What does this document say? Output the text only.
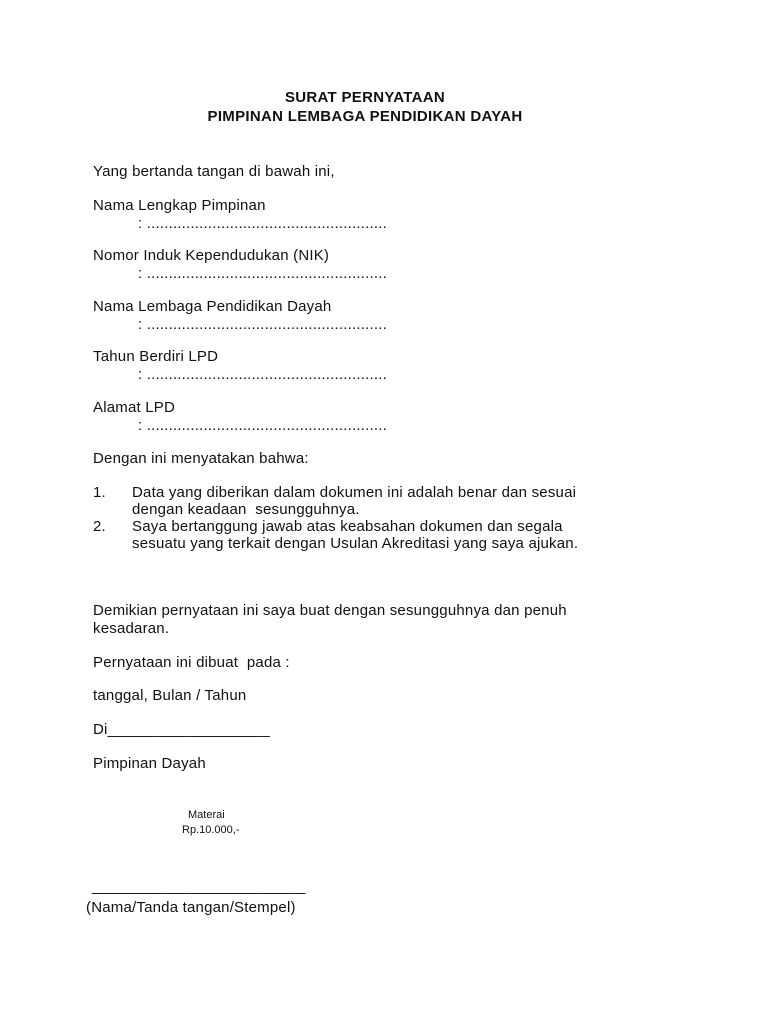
SURAT PERNYATAAN

PIMPINAN LEMBAGA PENDIDIKAN DAYAH

Yang bertanda tangan di bawah ini,

Nama Lengkap Pimpinan

: .......................................................

Nomor Induk Kependudukan (NIK)

: .......................................................

Nama Lembaga Pendidikan Dayah

: .......................................................

Tahun Berdiri LPD

: .......................................................

Alamat LPD

: .......................................................

Dengan ini menyatakan bahwa:

1. Data yang diberikan dalam dokumen ini adalah benar dan sesuai

dengan keadaan  sesungguhnya.

2. Saya bertanggung jawab atas keabsahan dokumen dan segala

sesuatu yang terkait dengan Usulan Akreditasi yang saya ajukan.

Demikian pernyataan ini saya buat dengan sesungguhnya dan penuh

kesadaran.

Pernyataan ini dibuat  pada :

tanggal, Bulan / Tahun

Di___________________

Pimpinan Dayah

Materai

Rp.10.000,-

_________________________

(Nama/Tanda tangan/Stempel)
